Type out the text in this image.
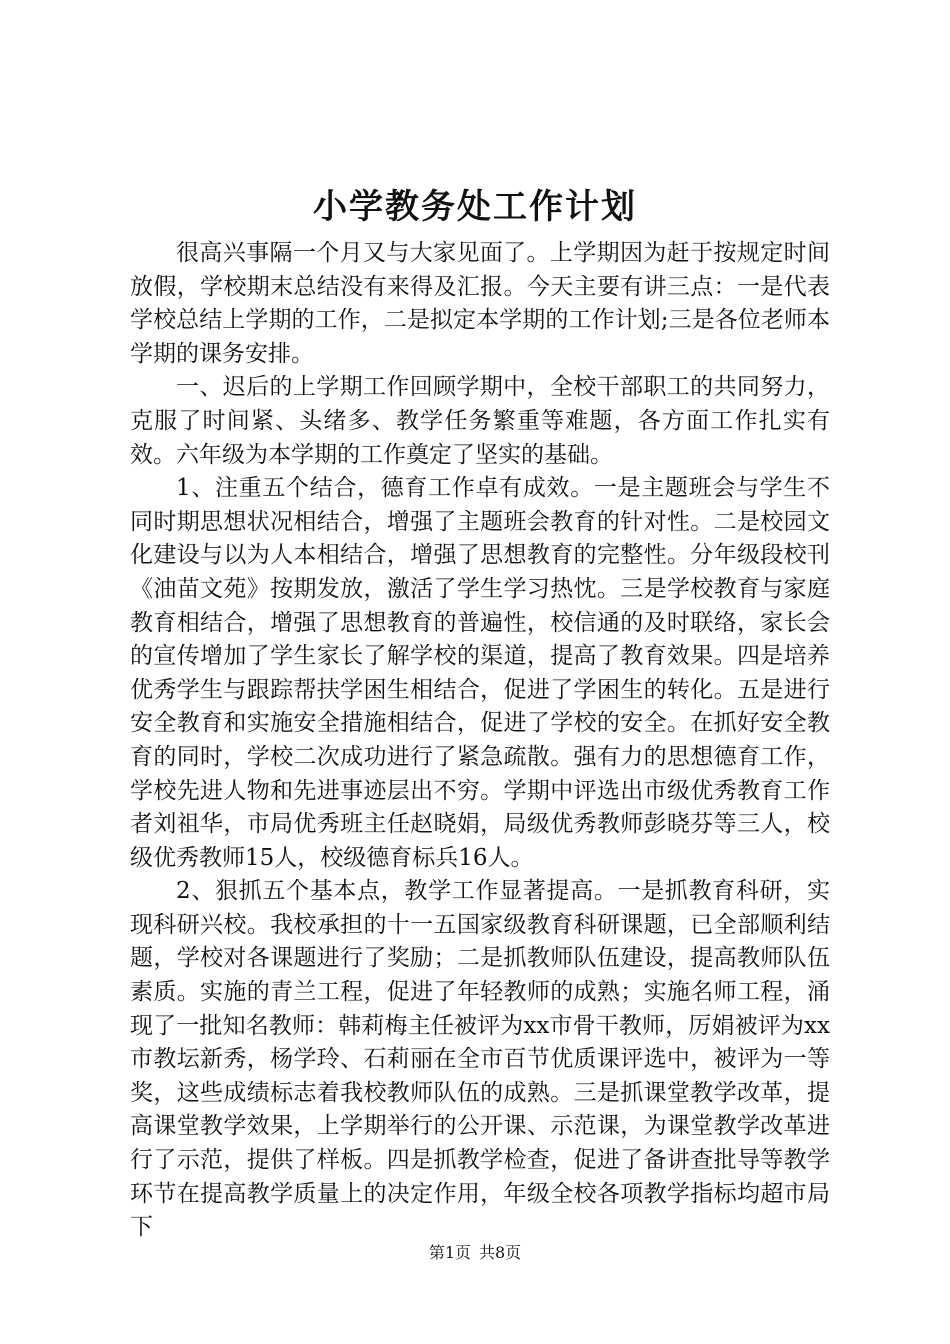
小学教务处工作计划

很高兴事隔一个月又与大家见面了。上学期因为赶于按规定时间放假，学校期末总结没有来得及汇报。今天主要有讲三点：一是代表学校总结上学期的工作，二是拟定本学期的工作计划;三是各位老师本学期的课务安排。

一、迟后的上学期工作回顾学期中，全校干部职工的共同努力，克服了时间紧、头绪多、教学任务繁重等难题，各方面工作扎实有效。六年级为本学期的工作奠定了坚实的基础。

1、注重五个结合，德育工作卓有成效。一是主题班会与学生不同时期思想状况相结合，增强了主题班会教育的针对性。二是校园文化建设与以为人本相结合，增强了思想教育的完整性。分年级段校刊《油苗文苑》按期发放，激活了学生学习热忱。三是学校教育与家庭教育相结合，增强了思想教育的普遍性，校信通的及时联络，家长会的宣传增加了学生家长了解学校的渠道，提高了教育效果。四是培养优秀学生与跟踪帮扶学困生相结合，促进了学困生的转化。五是进行安全教育和实施安全措施相结合，促进了学校的安全。在抓好安全教育的同时，学校二次成功进行了紧急疏散。强有力的思想德育工作，学校先进人物和先进事迹层出不穷。学期中评选出市级优秀教育工作者刘祖华，市局优秀班主任赵晓娟，局级优秀教师彭晓芬等三人，校级优秀教师15人，校级德育标兵16人。

2、狠抓五个基本点，教学工作显著提高。一是抓教育科研，实现科研兴校。我校承担的十一五国家级教育科研课题，已全部顺利结题，学校对各课题进行了奖励；二是抓教师队伍建设，提高教师队伍素质。实施的青兰工程，促进了年轻教师的成熟；实施名师工程，涌现了一批知名教师：韩莉梅主任被评为xx市骨干教师，厉娟被评为xx市教坛新秀，杨学玲、石莉丽在全市百节优质课评选中，被评为一等奖，这些成绩标志着我校教师队伍的成熟。三是抓课堂教学改革，提高课堂教学效果，上学期举行的公开课、示范课，为课堂教学改革进行了示范，提供了样板。四是抓教学检查，促进了备讲查批导等教学环节在提高教学质量上的决定作用，年级全校各项教学指标均超市局下

第1页 共8页
